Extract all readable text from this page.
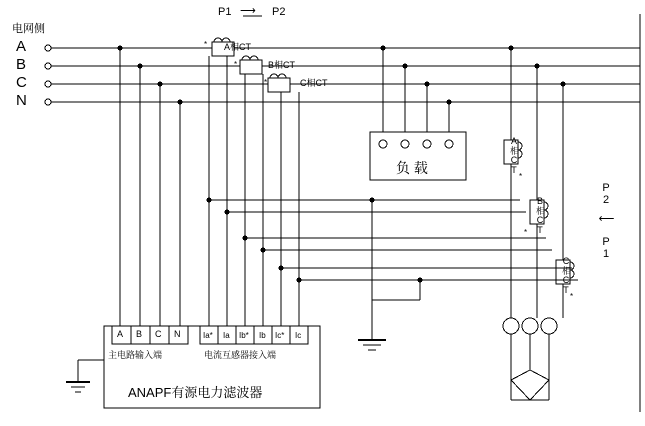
电网侧
A
B
C
N
P1 ⟶ P2
A相CT
B相CT
C相CT
*
*
*
负 载	A相CT
B相CT
C相CT
*
*
*
P2
⟵
P1
A B C N	Ia* Ia Ib* Ib Ic* Ic
主电路输入端	电流互感器接入端
ANAPF有源电力滤波器
